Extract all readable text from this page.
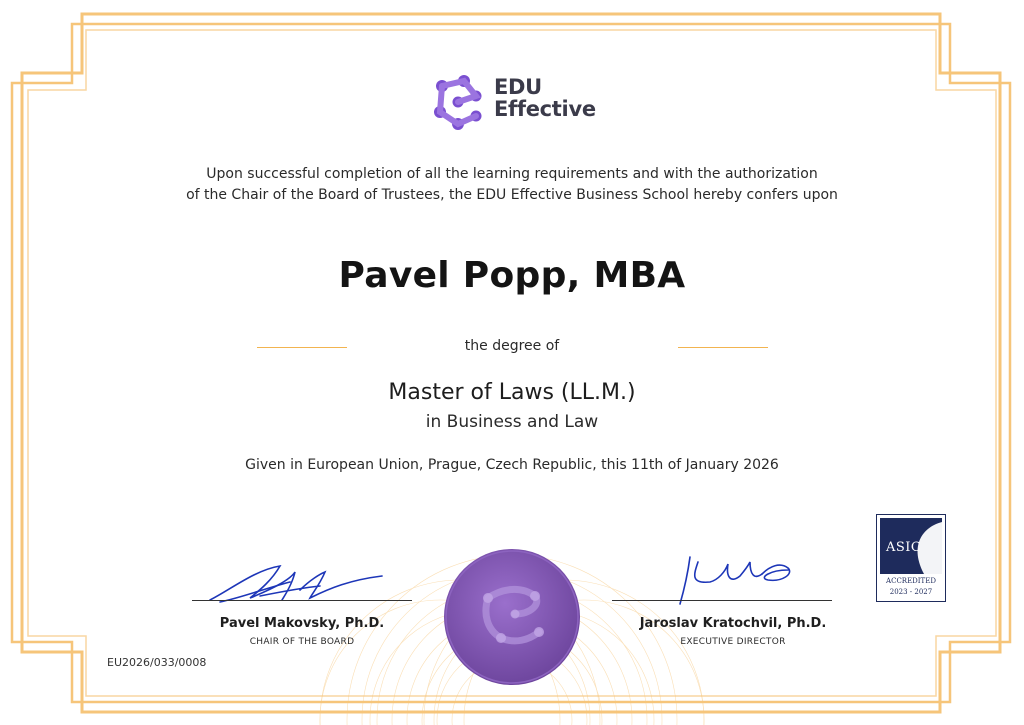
EDU
Effective
Upon successful completion of all the learning requirements and with the authorization
of the Chair of the Board of Trustees, the EDU Effective Business School hereby confers upon
Pavel Popp, MBA
the degree of
Master of Laws (LL.M.)
in Business and Law
Given in European Union, Prague, Czech Republic, this 11th of January 2026
Pavel Makovsky, Ph.D.
CHAIR OF THE BOARD
Jaroslav Kratochvil, Ph.D.
EXECUTIVE DIRECTOR
EU2026/033/0008
ASIC
ACCREDITED
2023 - 2027
